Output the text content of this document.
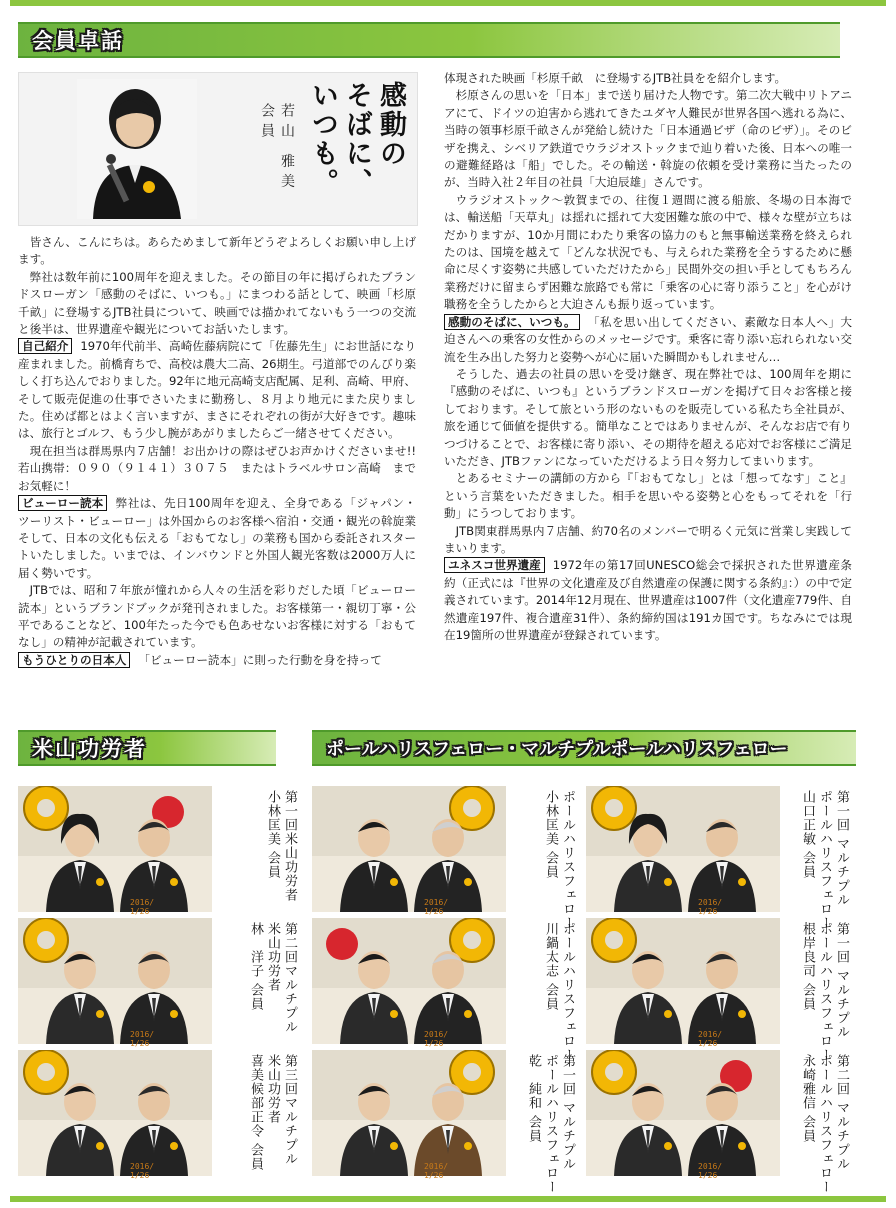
会員卓話
感動の
そばに、
いつも。
若山 雅美 会員

皆さん、こんにちは。あらためまして新年どうぞよろしくお願い申し上げます。

弊社は数年前に100周年を迎えました。その節目の年に掲げられたブランドスローガン「感動のそばに、いつも。」にまつわる話として、映画「杉原千畝」に登場するJTB社員について、映画では描かれてないもう一つの交流と後半は、世界遺産や観光についてお話いたします。

自己紹介 1970年代前半、高崎佐藤病院にて「佐藤先生」にお世話になり産まれました。前橋育ちで、高校は農大二高、26期生。弓道部でのんびり楽しく打ち込んでおりました。92年に地元高崎支店配属、足利、高崎、甲府、そして販売促進の仕事でさいたまに勤務し、８月より地元にまた戻りました。住めば都とはよく言いますが、まさにそれぞれの街が大好きです。趣味は、旅行とゴルフ、もう少し腕があがりましたらご一緒させてください。

現在担当は群馬県内７店舗！お出かけの際はぜひお声かけくださいませ!!　若山携帯：０９０（９１４１）３０７５　またはトラベルサロン高崎　までお気軽に！

ビューロー読本 弊社は、先日100周年を迎え、全身である「ジャパン・ツーリスト・ビューロー」は外国からのお客様へ宿泊・交通・観光の斡旋業そして、日本の文化も伝える「おもてなし」の業務も国から委託されスタートいたしました。いまでは、インバウンドと外国人観光客数は2000万人に届く勢いです。

JTBでは、昭和７年旅が憧れから人々の生活を彩りだした頃「ビューロー読本」というブランドブックが発刊されました。お客様第一・親切丁寧・公平であることなど、100年たった今でも色あせないお客様に対する「おもてなし」の精神が記載されています。

もうひとりの日本人 「ビューロー読本」に則った行動を身を持って

体現された映画「杉原千畝　に登場するJTB社員をを紹介します。

杉原さんの思いを「日本」まで送り届けた人物です。第二次大戦中リトアニアにて、ドイツの迫害から逃れてきたユダヤ人難民が世界各国へ逃れる為に、当時の領事杉原千畝さんが発給し続けた「日本通過ビザ（命のビザ）」。そのビザを携え、シベリア鉄道でウラジオストックまで辿り着いた後、日本への唯一の避難経路は「船」でした。その輸送・斡旋の依頼を受け業務に当たったのが、当時入社２年目の社員「大迫辰雄」さんです。

ウラジオストック～敦賀までの、往復１週間に渡る船旅、冬場の日本海では、輸送船「天草丸」は揺れに揺れて大変困難な旅の中で、様々な壁が立ちはだかりますが、10か月間にわたり乗客の協力のもと無事輸送業務を終えられたのは、国境を越えて「どんな状況でも、与えられた業務を全うするために懸命に尽くす姿勢に共感していただけたから」民間外交の担い手としてもちろん業務だけに留まらず困難な旅路でも常に「乗客の心に寄り添うこと」を心がけ職務を全うしたからと大迫さんも振り返っています。

感動のそばに、いつも。 「私を思い出してください、素敵な日本人へ」大迫さんへの乗客の女性からのメッセージです。乗客に寄り添い忘れられない交流を生み出した努力と姿勢へが心に届いた瞬間かもしれません…

そうした、過去の社員の思いを受け継ぎ、現在弊社では、100周年を期に『感動のそばに、いつも』というブランドスローガンを掲げて日々お客様と接しております。そして旅という形のないものを販売している私たち全社員が、旅を通じて価値を提供する。簡単なことではありませんが、そんなお店で有りつづけることで、お客様に寄り添い、その期待を超える応対でお客様にご満足いただき、JTBファンになっていただけるよう日々努力してまいります。

とあるセミナーの講師の方から『「おもてなし」とは「想ってなす」こと』という言葉をいただきました。相手を思いやる姿勢と心をもってそれを「行動」にうつしております。

JTB関東群馬県内７店舗、約70名のメンバーで明るく元気に営業し実践してまいります。

ユネスコ世界遺産 1972年の第17回UNESCO総会で採択された世界遺産条約（正式には『世界の文化遺産及び自然遺産の保護に関する条約』：）の中で定義されています。2014年12月現在、世界遺産は1007件（文化遺産779件、自然遺産197件、複合遺産31件）、条約締約国は191カ国です。ちなみにでは現在19箇所の世界遺産が登録されています。

米山功労者	ポールハリスフェロー・マルチプルポールハリスフェロー
2016/ 1/26
第一回米山功労者
小林匡美 会員
2016/ 1/26
第二回マルチプル
米山功労者
林　洋子 会員
2016/ 1/26
第三回マルチプル
米山功労者
喜美候部正令 会員
2016/ 1/26	ポールハリスフェロー
小林匡美 会員
2016/ 1/26
第一回 マルチプル
ポールハリスフェロー
山口正敏 会員
2016/ 1/26	ポールハリスフェロー
川鍋太志 会員
2016/ 1/26
第一回 マルチプル
ポールハリスフェロー
根岸良司 会員
2016/ 1/26
第一回 マルチプル
ポールハリスフェロー
乾　純和 会員
2016/ 1/26
第二回 マルチプル
ポールハリスフェロー
永崎雅信 会員
